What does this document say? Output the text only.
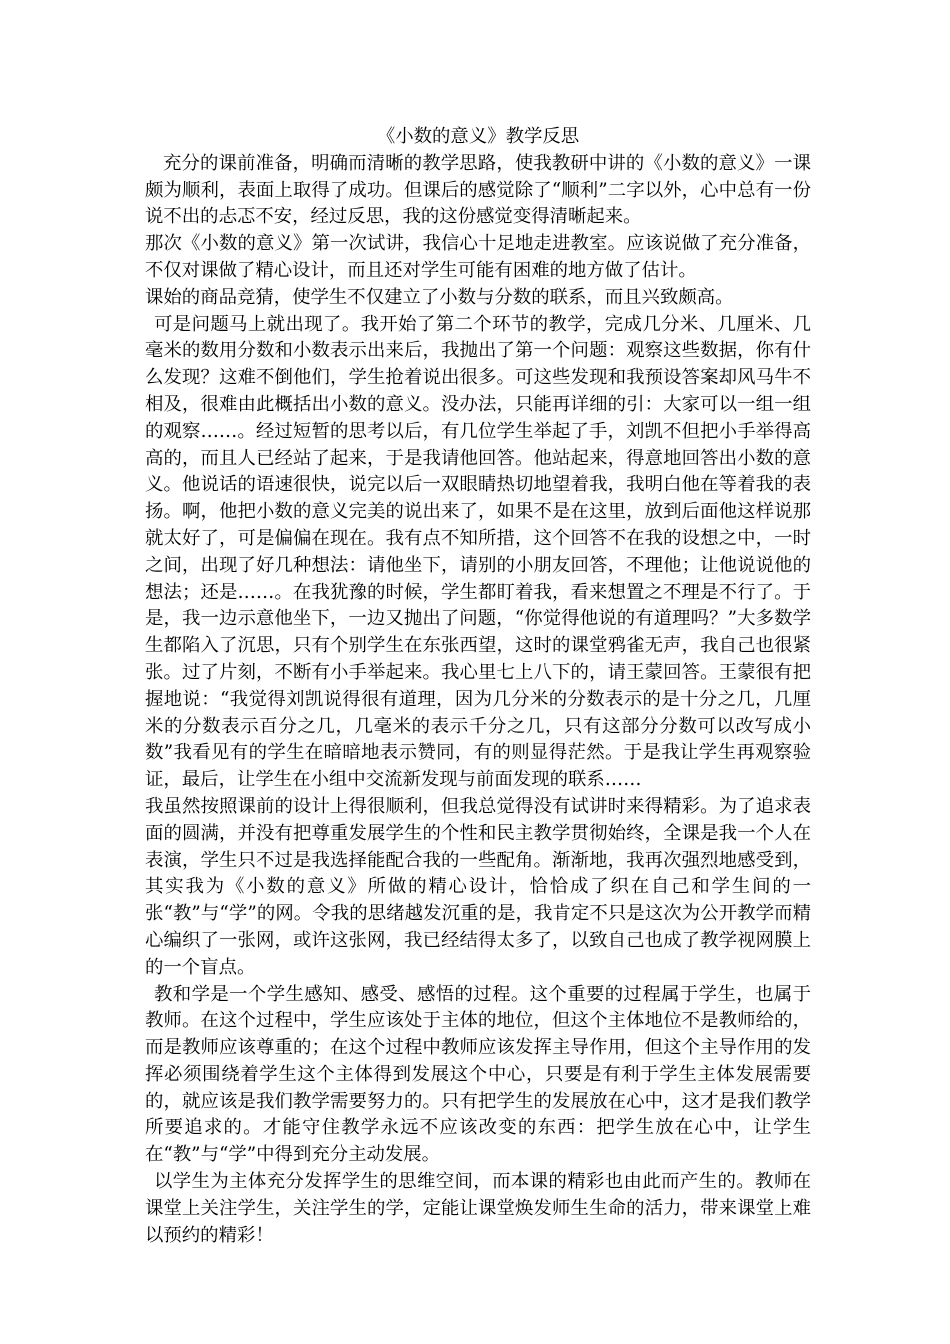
《小数的意义》教学反思

充分的课前准备，明确而清晰的教学思路，使我教研中讲的《小数的意义》一课颇为顺利，表面上取得了成功。但课后的感觉除了“顺利”二字以外，心中总有一份说不出的忐忑不安，经过反思，我的这份感觉变得清晰起来。

那次《小数的意义》第一次试讲，我信心十足地走进教室。应该说做了充分准备，不仅对课做了精心设计，而且还对学生可能有困难的地方做了估计。

课始的商品竞猜，使学生不仅建立了小数与分数的联系，而且兴致颇高。

可是问题马上就出现了。我开始了第二个环节的教学，完成几分米、几厘米、几毫米的数用分数和小数表示出来后，我抛出了第一个问题：观察这些数据，你有什么发现？这难不倒他们，学生抢着说出很多。可这些发现和我预设答案却风马牛不相及，很难由此概括出小数的意义。没办法，只能再详细的引：大家可以一组一组的观察……。经过短暂的思考以后，有几位学生举起了手，刘凯不但把小手举得高高的，而且人已经站了起来，于是我请他回答。他站起来，得意地回答出小数的意义。他说话的语速很快，说完以后一双眼睛热切地望着我，我明白他在等着我的表扬。啊，他把小数的意义完美的说出来了，如果不是在这里，放到后面他这样说那就太好了，可是偏偏在现在。我有点不知所措，这个回答不在我的设想之中，一时之间，出现了好几种想法：请他坐下，请别的小朋友回答，不理他；让他说说他的想法；还是……。在我犹豫的时候，学生都盯着我，看来想置之不理是不行了。于是，我一边示意他坐下，一边又抛出了问题，“你觉得他说的有道理吗？”大多数学生都陷入了沉思，只有个别学生在东张西望，这时的课堂鸦雀无声，我自己也很紧张。过了片刻，不断有小手举起来。我心里七上八下的，请王蒙回答。王蒙很有把握地说：“我觉得刘凯说得很有道理，因为几分米的分数表示的是十分之几，几厘米的分数表示百分之几，几毫米的表示千分之几，只有这部分分数可以改写成小数”我看见有的学生在暗暗地表示赞同，有的则显得茫然。于是我让学生再观察验证，最后，让学生在小组中交流新发现与前面发现的联系……

我虽然按照课前的设计上得很顺利，但我总觉得没有试讲时来得精彩。为了追求表面的圆满，并没有把尊重发展学生的个性和民主教学贯彻始终，全课是我一个人在表演，学生只不过是我选择能配合我的一些配角。渐渐地，我再次强烈地感受到，其实我为《小数的意义》所做的精心设计，恰恰成了织在自己和学生间的一张“教”与“学”的网。令我的思绪越发沉重的是，我肯定不只是这次为公开教学而精心编织了一张网，或许这张网，我已经结得太多了，以致自己也成了教学视网膜上的一个盲点。

教和学是一个学生感知、感受、感悟的过程。这个重要的过程属于学生，也属于教师。在这个过程中，学生应该处于主体的地位，但这个主体地位不是教师给的，而是教师应该尊重的；在这个过程中教师应该发挥主导作用，但这个主导作用的发挥必须围绕着学生这个主体得到发展这个中心，只要是有利于学生主体发展需要的，就应该是我们教学需要努力的。只有把学生的发展放在心中，这才是我们教学所要追求的。才能守住教学永远不应该改变的东西：把学生放在心中，让学生在“教”与“学”中得到充分主动发展。

以学生为主体充分发挥学生的思维空间，而本课的精彩也由此而产生的。教师在课堂上关注学生，关注学生的学，定能让课堂焕发师生生命的活力，带来课堂上难以预约的精彩！
